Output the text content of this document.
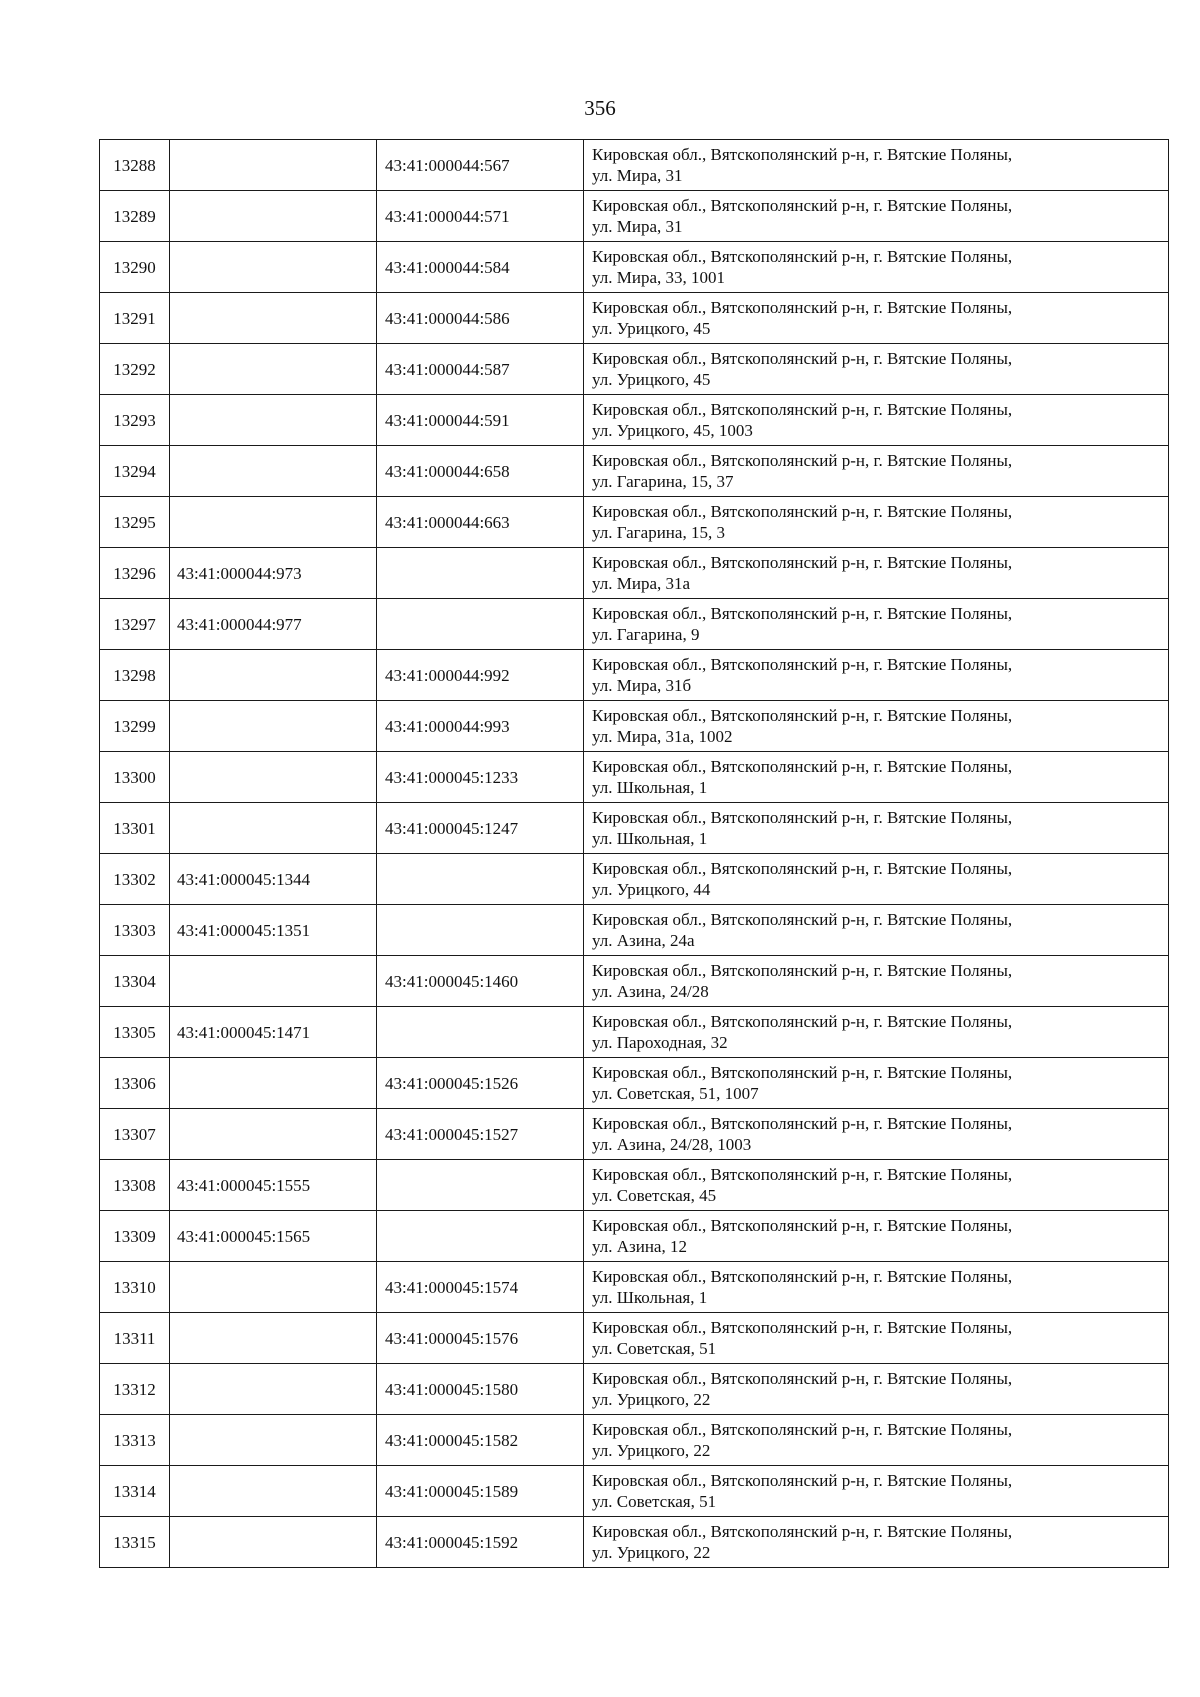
356
13288		43:41:000044:567	Кировская обл., Вятскополянский р-н, г. Вятские Поляны,
ул. Мира, 31

13289		43:41:000044:571	Кировская обл., Вятскополянский р-н, г. Вятские Поляны,
ул. Мира, 31

13290		43:41:000044:584	Кировская обл., Вятскополянский р-н, г. Вятские Поляны,
ул. Мира, 33, 1001

13291		43:41:000044:586	Кировская обл., Вятскополянский р-н, г. Вятские Поляны,
ул. Урицкого, 45

13292		43:41:000044:587	Кировская обл., Вятскополянский р-н, г. Вятские Поляны,
ул. Урицкого, 45

13293		43:41:000044:591	Кировская обл., Вятскополянский р-н, г. Вятские Поляны,
ул. Урицкого, 45, 1003

13294		43:41:000044:658	Кировская обл., Вятскополянский р-н, г. Вятские Поляны,
ул. Гагарина, 15, 37

13295		43:41:000044:663	Кировская обл., Вятскополянский р-н, г. Вятские Поляны,
ул. Гагарина, 15, 3

13296	43:41:000044:973		Кировская обл., Вятскополянский р-н, г. Вятские Поляны,
ул. Мира, 31а

13297	43:41:000044:977		Кировская обл., Вятскополянский р-н, г. Вятские Поляны,
ул. Гагарина, 9

13298		43:41:000044:992	Кировская обл., Вятскополянский р-н, г. Вятские Поляны,
ул. Мира, 31б

13299		43:41:000044:993	Кировская обл., Вятскополянский р-н, г. Вятские Поляны,
ул. Мира, 31а, 1002

13300		43:41:000045:1233	Кировская обл., Вятскополянский р-н, г. Вятские Поляны,
ул. Школьная, 1

13301		43:41:000045:1247	Кировская обл., Вятскополянский р-н, г. Вятские Поляны,
ул. Школьная, 1

13302	43:41:000045:1344		Кировская обл., Вятскополянский р-н, г. Вятские Поляны,
ул. Урицкого, 44

13303	43:41:000045:1351		Кировская обл., Вятскополянский р-н, г. Вятские Поляны,
ул. Азина, 24а

13304		43:41:000045:1460	Кировская обл., Вятскополянский р-н, г. Вятские Поляны,
ул. Азина, 24/28

13305	43:41:000045:1471		Кировская обл., Вятскополянский р-н, г. Вятские Поляны,
ул. Пароходная, 32

13306		43:41:000045:1526	Кировская обл., Вятскополянский р-н, г. Вятские Поляны,
ул. Советская, 51, 1007

13307		43:41:000045:1527	Кировская обл., Вятскополянский р-н, г. Вятские Поляны,
ул. Азина, 24/28, 1003

13308	43:41:000045:1555		Кировская обл., Вятскополянский р-н, г. Вятские Поляны,
ул. Советская, 45

13309	43:41:000045:1565		Кировская обл., Вятскополянский р-н, г. Вятские Поляны,
ул. Азина, 12

13310		43:41:000045:1574	Кировская обл., Вятскополянский р-н, г. Вятские Поляны,
ул. Школьная, 1

13311		43:41:000045:1576	Кировская обл., Вятскополянский р-н, г. Вятские Поляны,
ул. Советская, 51

13312		43:41:000045:1580	Кировская обл., Вятскополянский р-н, г. Вятские Поляны,
ул. Урицкого, 22

13313		43:41:000045:1582	Кировская обл., Вятскополянский р-н, г. Вятские Поляны,
ул. Урицкого, 22

13314		43:41:000045:1589	Кировская обл., Вятскополянский р-н, г. Вятские Поляны,
ул. Советская, 51

13315		43:41:000045:1592	Кировская обл., Вятскополянский р-н, г. Вятские Поляны,
ул. Урицкого, 22
